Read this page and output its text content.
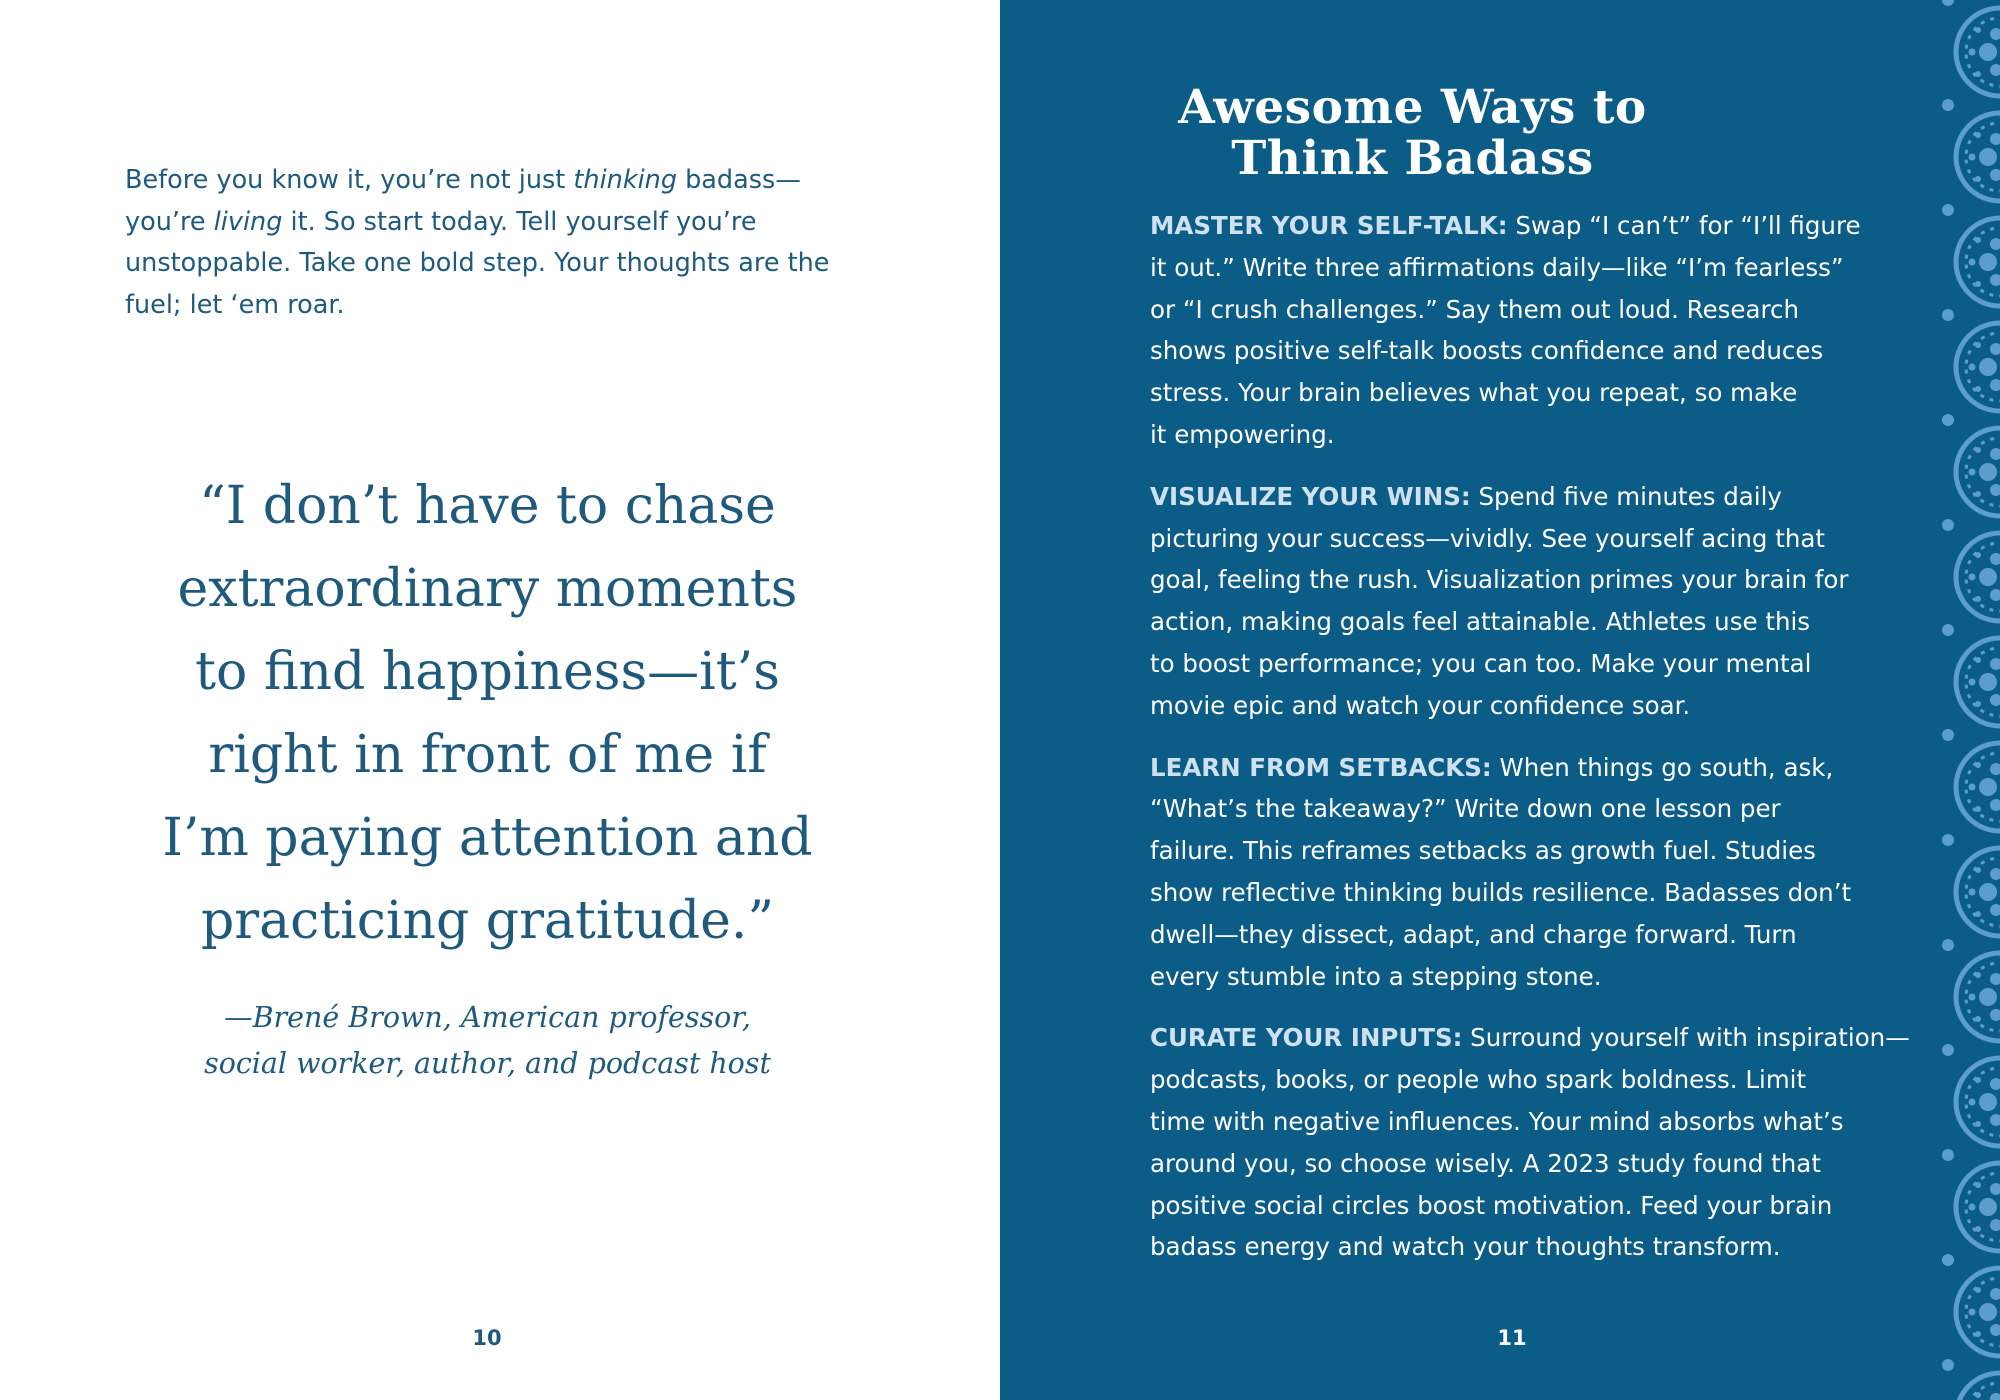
Before you know it, you’re not just thinking badass—
you’re living it. So start today. Tell yourself you’re
unstoppable. Take one bold step. Your thoughts are the
fuel; let ‘em roar.

“I don’t have to chase
extraordinary moments
to find happiness—it’s
right in front of me if
I’m paying attention and
practicing gratitude.”
—Brené Brown, American professor,
social worker, author, and podcast host
10
Awesome Ways to
Think Badass

MASTER YOUR SELF-TALK: Swap “I can’t” for “I’ll figure
it out.” Write three affirmations daily—like “I’m fearless”
or “I crush challenges.” Say them out loud. Research
shows positive self-talk boosts confidence and reduces
stress. Your brain believes what you repeat, so make
it empowering.

VISUALIZE YOUR WINS: Spend five minutes daily
picturing your success—vividly. See yourself acing that
goal, feeling the rush. Visualization primes your brain for
action, making goals feel attainable. Athletes use this
to boost performance; you can too. Make your mental
movie epic and watch your confidence soar.

LEARN FROM SETBACKS: When things go south, ask,
“What’s the takeaway?” Write down one lesson per
failure. This reframes setbacks as growth fuel. Studies
show reflective thinking builds resilience. Badasses don’t
dwell—they dissect, adapt, and charge forward. Turn
every stumble into a stepping stone.

CURATE YOUR INPUTS: Surround yourself with inspiration—
podcasts, books, or people who spark boldness. Limit
time with negative influences. Your mind absorbs what’s
around you, so choose wisely. A 2023 study found that
positive social circles boost motivation. Feed your brain
badass energy and watch your thoughts transform.

11
